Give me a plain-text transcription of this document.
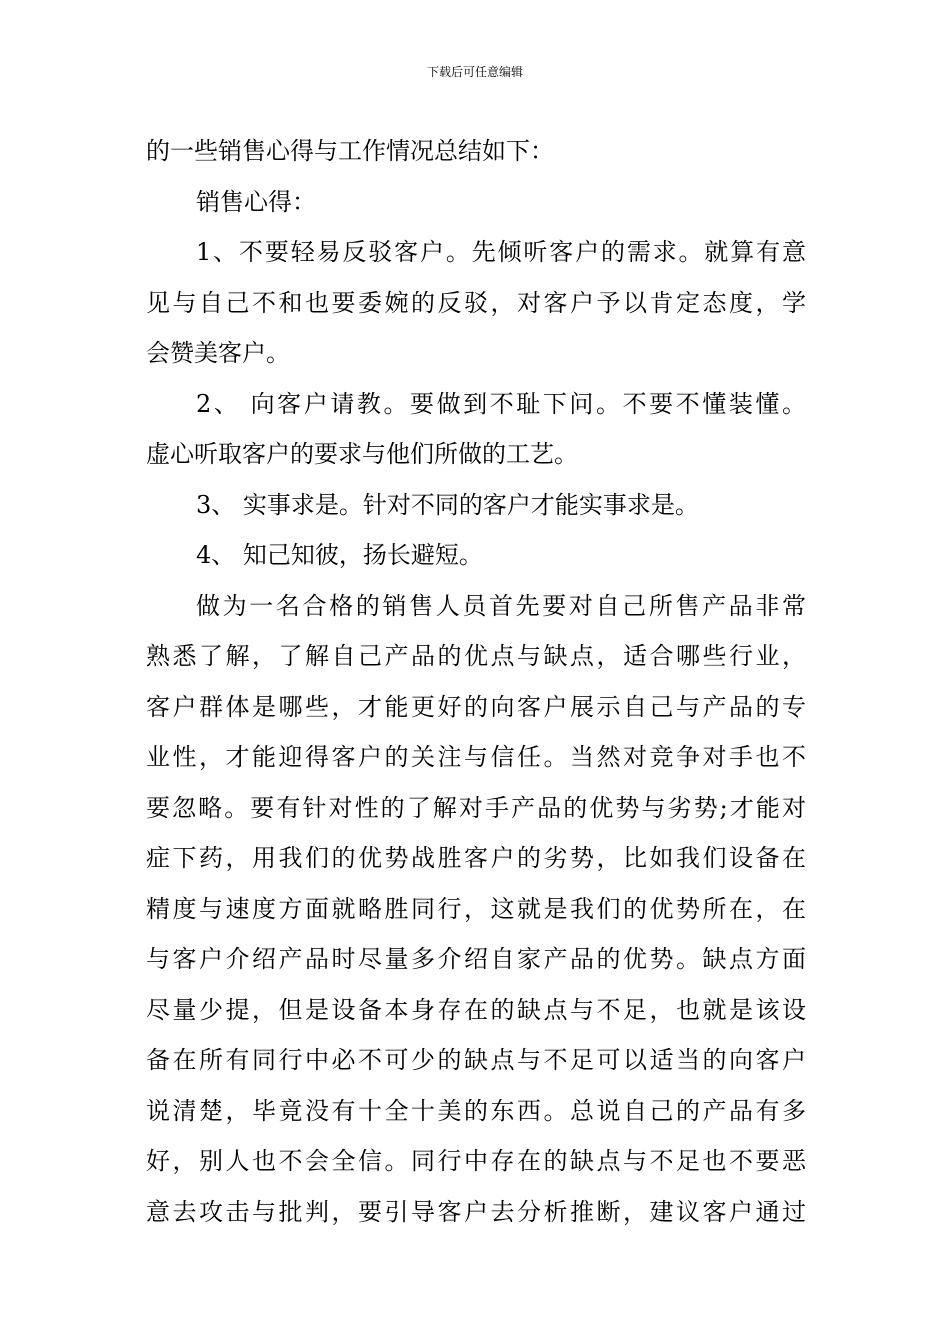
下载后可任意编辑
的一些销售心得与工作情况总结如下：
销售心得：
1、不要轻易反驳客户。先倾听客户的需求。就算有意
见与自己不和也要委婉的反驳，对客户予以肯定态度，学
会赞美客户。
2、 向客户请教。要做到不耻下问。不要不懂装懂。
虚心听取客户的要求与他们所做的工艺。
3、 实事求是。针对不同的客户才能实事求是。
4、 知己知彼，扬长避短。
做为一名合格的销售人员首先要对自己所售产品非常
熟悉了解，了解自己产品的优点与缺点，适合哪些行业，
客户群体是哪些，才能更好的向客户展示自己与产品的专
业性，才能迎得客户的关注与信任。当然对竞争对手也不
要忽略。要有针对性的了解对手产品的优势与劣势;才能对
症下药，用我们的优势战胜客户的劣势，比如我们设备在
精度与速度方面就略胜同行，这就是我们的优势所在，在
与客户介绍产品时尽量多介绍自家产品的优势。缺点方面
尽量少提，但是设备本身存在的缺点与不足，也就是该设
备在所有同行中必不可少的缺点与不足可以适当的向客户
说清楚，毕竟没有十全十美的东西。总说自己的产品有多
好，别人也不会全信。同行中存在的缺点与不足也不要恶
意去攻击与批判，要引导客户去分析推断，建议客户通过
